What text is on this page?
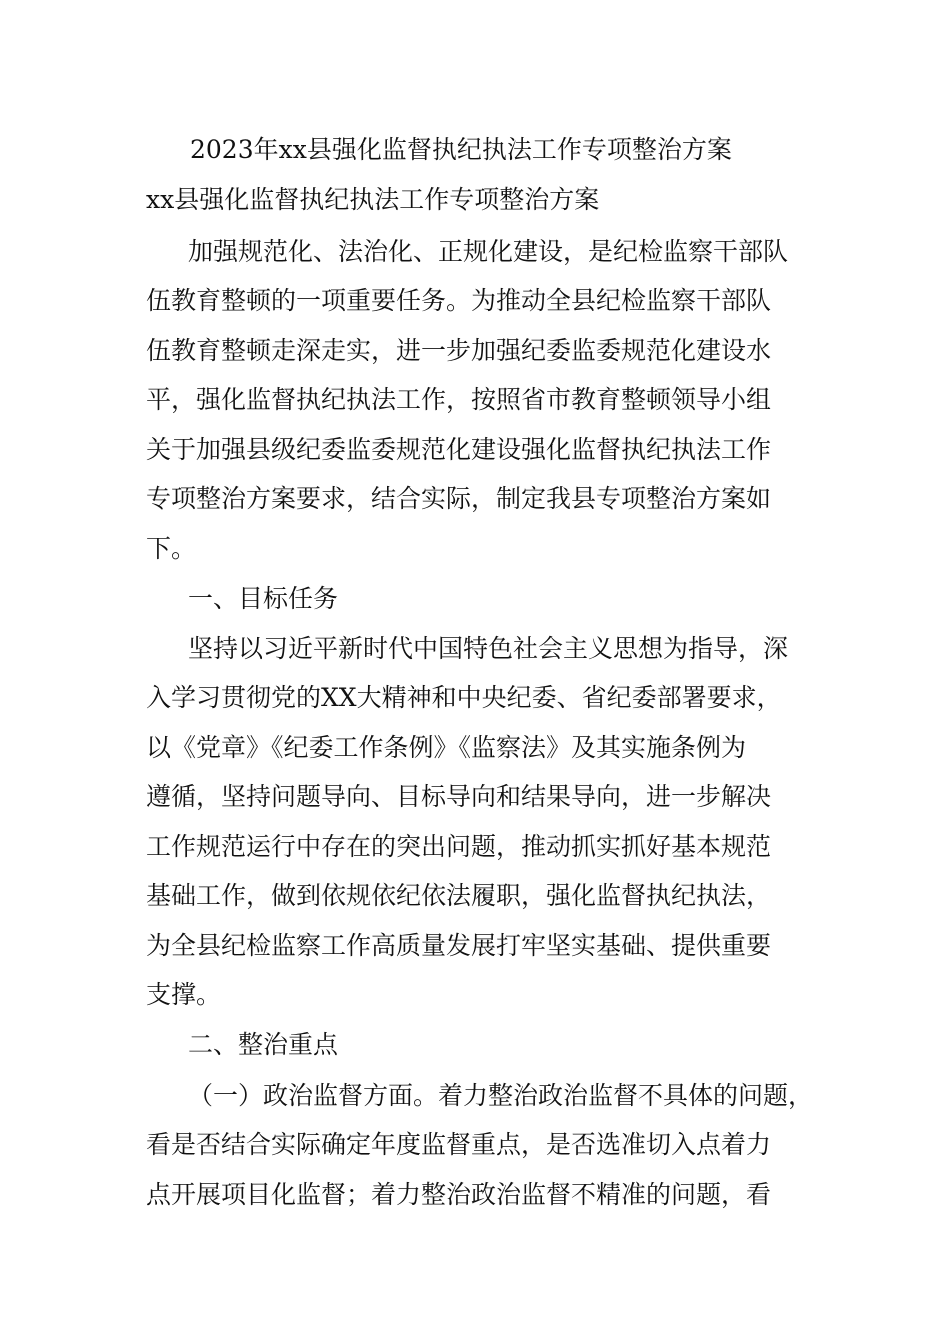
2023年xx县强化监督执纪执法工作专项整治方案
xx县强化监督执纪执法工作专项整治方案
加强规范化、法治化、正规化建设，是纪检监察干部队
伍教育整顿的一项重要任务。为推动全县纪检监察干部队
伍教育整顿走深走实，进一步加强纪委监委规范化建设水
平，强化监督执纪执法工作，按照省市教育整顿领导小组
关于加强县级纪委监委规范化建设强化监督执纪执法工作
专项整治方案要求，结合实际，制定我县专项整治方案如
下。
一、目标任务
坚持以习近平新时代中国特色社会主义思想为指导，深
入学习贯彻党的XX大精神和中央纪委、省纪委部署要求，
以《党章》《纪委工作条例》《监察法》及其实施条例为
遵循，坚持问题导向、目标导向和结果导向，进一步解决
工作规范运行中存在的突出问题，推动抓实抓好基本规范
基础工作，做到依规依纪依法履职，强化监督执纪执法，
为全县纪检监察工作高质量发展打牢坚实基础、提供重要
支撑。
二、整治重点
（一）政治监督方面。着力整治政治监督不具体的问题，
看是否结合实际确定年度监督重点，是否选准切入点着力
点开展项目化监督；着力整治政治监督不精准的问题，看
